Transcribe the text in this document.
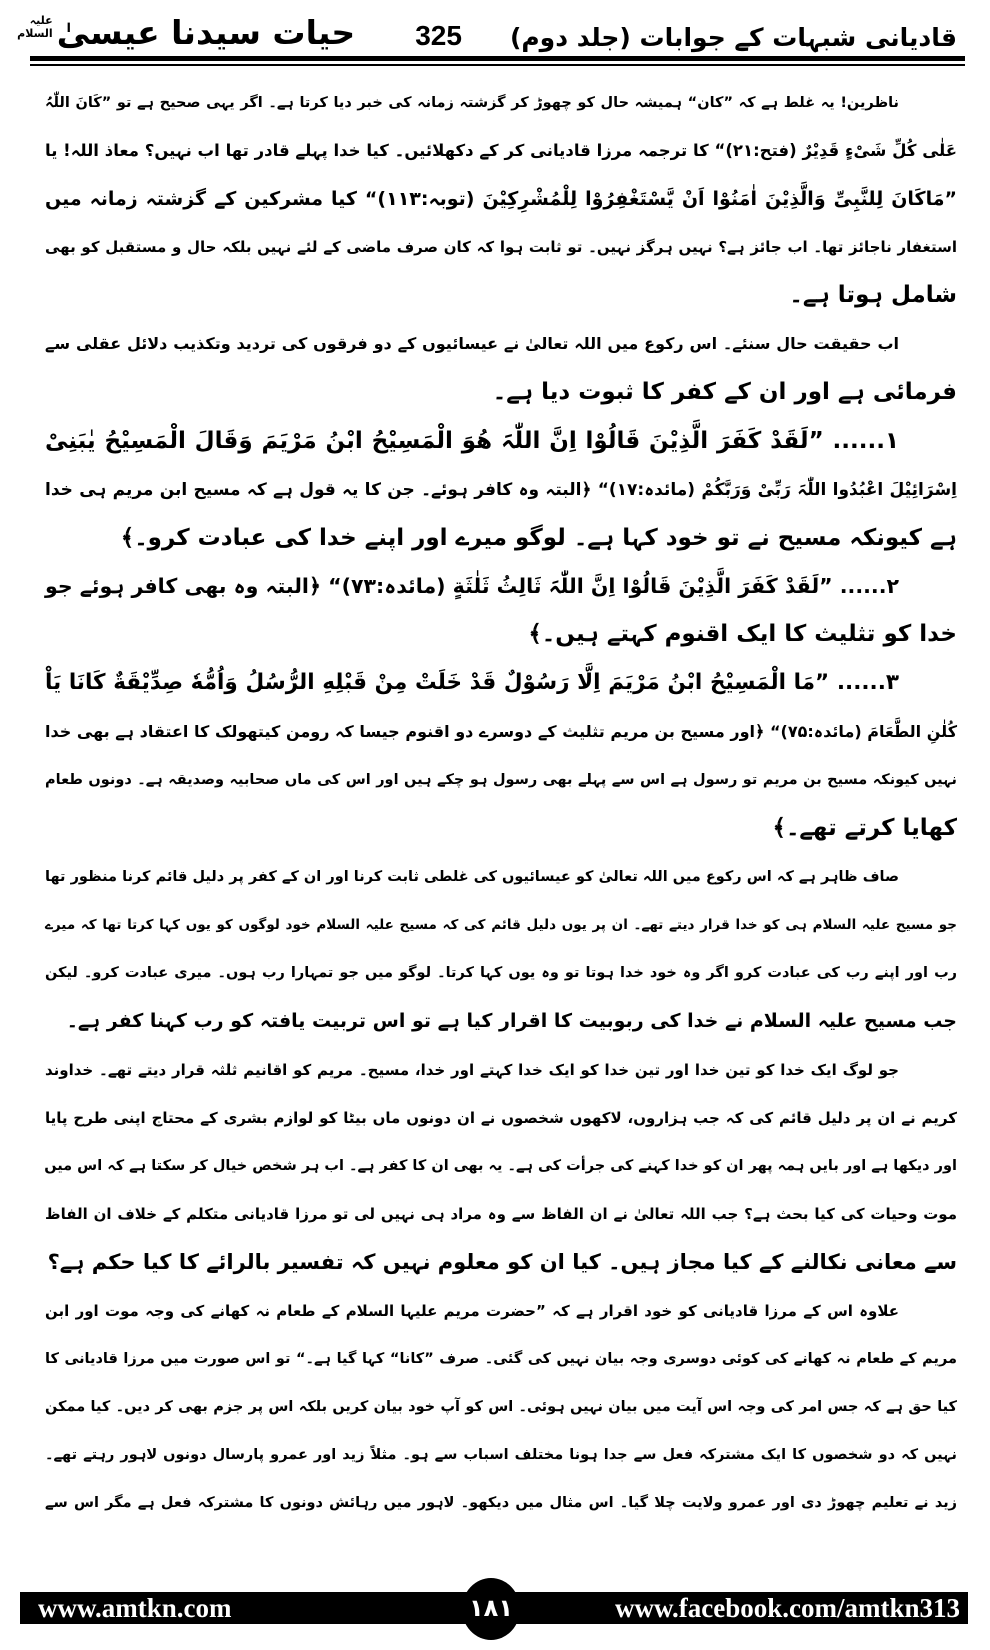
قادیانی شبہات کے جوابات (جلد دوم)
325
حیات سیدنا عیسیٰ
علیہ السلام
ناظرین! یہ غلط ہے کہ ”کان“ ہمیشہ حال کو چھوڑ کر گزشتہ زمانہ کی خبر دیا کرتا ہے۔ اگر یہی صحیح ہے تو ”کَانَ اللّٰہُ
عَلٰی کُلِّ شَیْءٍ قَدِیْرٌ (فتح:۲۱)“ کا ترجمہ مرزا قادیانی کر کے دکھلائیں۔ کیا خدا پہلے قادر تھا اب نہیں؟ معاذ اللہ! یا
”مَاکَانَ لِلنَّبِیِّ وَالَّذِیْنَ اٰمَنُوْا اَنْ یَّسْتَغْفِرُوْا لِلْمُشْرِکِیْنَ (توبہ:۱۱۳)“ کیا مشرکین کے گزشتہ زمانہ میں
استغفار ناجائز تھا۔ اب جائز ہے؟ نہیں ہرگز نہیں۔ تو ثابت ہوا کہ کان صرف ماضی کے لئے نہیں بلکہ حال و مستقبل کو بھی
شامل ہوتا ہے۔
اب حقیقت حال سنئے۔ اس رکوع میں اللہ تعالیٰ نے عیسائیوں کے دو فرقوں کی تردید وتکذیب دلائل عقلی سے
فرمائی ہے اور ان کے کفر کا ثبوت دیا ہے۔
۱...... ”لَقَدْ کَفَرَ الَّذِیْنَ قَالُوْا اِنَّ اللّٰہَ ھُوَ الْمَسِیْحُ ابْنُ مَرْیَمَ وَقَالَ الْمَسِیْحُ یٰبَنِیْ
اِسْرَائِیْلَ اعْبُدُوا اللّٰہَ رَبِّیْ وَرَبَّکُمْ (مائدہ:۱۷)“ ﴿البتہ وہ کافر ہوئے۔ جن کا یہ قول ہے کہ مسیح ابن مریم ہی خدا
ہے کیونکہ مسیح نے تو خود کہا ہے۔ لوگو میرے اور اپنے خدا کی عبادت کرو۔﴾
۲...... ”لَقَدْ کَفَرَ الَّذِیْنَ قَالُوْا اِنَّ اللّٰہَ ثَالِثُ ثَلٰثَةٍ (مائدہ:۷۳)“ ﴿البتہ وہ بھی کافر ہوئے جو
خدا کو تثلیث کا ایک اقنوم کہتے ہیں۔﴾
۳...... ”مَا الْمَسِیْحُ ابْنُ مَرْیَمَ اِلَّا رَسُوْلٌ قَدْ خَلَتْ مِنْ قَبْلِهِ الرُّسُلُ وَاُمُّهٗ صِدِّیْقَةٌ کَانَا یَاْ
کُلٰنِ الطَّعَامَ (مائدہ:۷۵)“ ﴿اور مسیح بن مریم تثلیث کے دوسرے دو اقنوم جیسا کہ رومن کیتھولک کا اعتقاد ہے بھی خدا
نہیں کیونکہ مسیح بن مریم تو رسول ہے اس سے پہلے بھی رسول ہو چکے ہیں اور اس کی ماں صحابیہ وصدیقہ ہے۔ دونوں طعام
کھایا کرتے تھے۔﴾
صاف ظاہر ہے کہ اس رکوع میں اللہ تعالیٰ کو عیسائیوں کی غلطی ثابت کرنا اور ان کے کفر پر دلیل قائم کرنا منظور تھا
جو مسیح علیہ السلام ہی کو خدا قرار دیتے تھے۔ ان پر یوں دلیل قائم کی کہ مسیح علیہ السلام خود لوگوں کو یوں کہا کرتا تھا کہ میرے
رب اور اپنے رب کی عبادت کرو اگر وہ خود خدا ہوتا تو وہ یوں کہا کرتا۔ لوگو میں جو تمہارا رب ہوں۔ میری عبادت کرو۔ لیکن
جب مسیح علیہ السلام نے خدا کی ربوبیت کا اقرار کیا ہے تو اس تربیت یافتہ کو رب کہنا کفر ہے۔
جو لوگ ایک خدا کو تین خدا اور تین خدا کو ایک خدا کہتے اور خدا، مسیح۔ مریم کو اقانیم ثلثہ قرار دیتے تھے۔ خداوند
کریم نے ان پر دلیل قائم کی کہ جب ہزاروں، لاکھوں شخصوں نے ان دونوں ماں بیٹا کو لوازم بشری کے محتاج اپنی طرح پایا
اور دیکھا ہے اور بایں ہمہ پھر ان کو خدا کہنے کی جرأت کی ہے۔ یہ بھی ان کا کفر ہے۔ اب ہر شخص خیال کر سکتا ہے کہ اس میں
موت وحیات کی کیا بحث ہے؟ جب اللہ تعالیٰ نے ان الفاظ سے وہ مراد ہی نہیں لی تو مرزا قادیانی متکلم کے خلاف ان الفاظ
سے معانی نکالنے کے کیا مجاز ہیں۔ کیا ان کو معلوم نہیں کہ تفسیر بالرائے کا کیا حکم ہے؟
علاوہ اس کے مرزا قادیانی کو خود اقرار ہے کہ ”حضرت مریم علیہا السلام کے طعام نہ کھانے کی وجہ موت اور ابن
مریم کے طعام نہ کھانے کی کوئی دوسری وجہ بیان نہیں کی گئی۔ صرف ”کانا“ کہا گیا ہے۔“ تو اس صورت میں مرزا قادیانی کا
کیا حق ہے کہ جس امر کی وجہ اس آیت میں بیان نہیں ہوئی۔ اس کو آپ خود بیان کریں بلکہ اس پر جزم بھی کر دیں۔ کیا ممکن
نہیں کہ دو شخصوں کا ایک مشترکہ فعل سے جدا ہونا مختلف اسباب سے ہو۔ مثلاً زید اور عمرو پارسال دونوں لاہور رہتے تھے۔
زید نے تعلیم چھوڑ دی اور عمرو ولایت چلا گیا۔ اس مثال میں دیکھو۔ لاہور میں رہائش دونوں کا مشترکہ فعل ہے مگر اس سے
www.amtkn.com	۱۸۱	www.facebook.com/amtkn313
